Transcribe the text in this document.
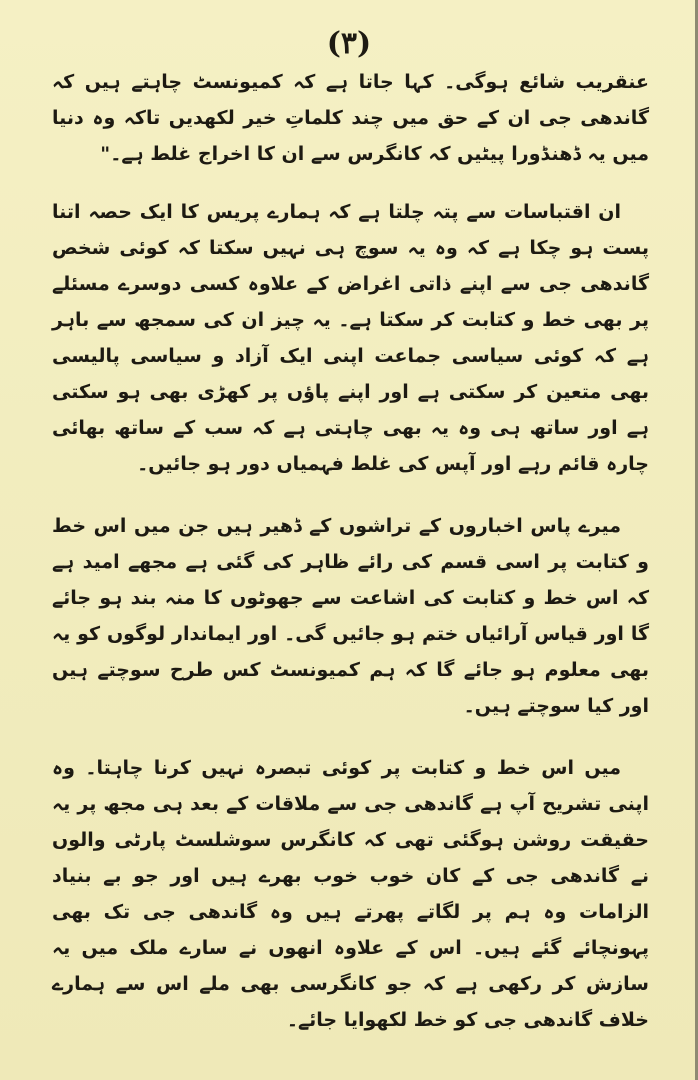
(۳)

عنقریب شائع ہوگی۔ کہا جاتا ہے کہ کمیونسٹ چاہتے ہیں کہ گاندھی جی ان کے حق میں چند کلماتِ خیر لکھدیں تاکہ وہ دنیا میں یہ ڈھنڈورا پیٹیں کہ کانگرس سے ان کا اخراج غلط ہے۔"

ان اقتباسات سے پتہ چلتا ہے کہ ہمارے پریس کا ایک حصہ اتنا پست ہو چکا ہے کہ وہ یہ سوچ ہی نہیں سکتا کہ کوئی شخص گاندھی جی سے اپنے ذاتی اغراض کے علاوہ کسی دوسرے مسئلے پر بھی خط و کتابت کر سکتا ہے۔ یہ چیز ان کی سمجھ سے باہر ہے کہ کوئی سیاسی جماعت اپنی ایک آزاد و سیاسی پالیسی بھی متعین کر سکتی ہے اور اپنے پاؤں پر کھڑی بھی ہو سکتی ہے اور ساتھ ہی وہ یہ بھی چاہتی ہے کہ سب کے ساتھ بھائی چارہ قائم رہے اور آپس کی غلط فہمیاں دور ہو جائیں۔

میرے پاس اخباروں کے تراشوں کے ڈھیر ہیں جن میں اس خط و کتابت پر اسی قسم کی رائے ظاہر کی گئی ہے مجھے امید ہے کہ اس خط و کتابت کی اشاعت سے جھوٹوں کا منہ بند ہو جائے گا اور قیاس آرائیاں ختم ہو جائیں گی۔ اور ایماندار لوگوں کو یہ بھی معلوم ہو جائے گا کہ ہم کمیونسٹ کس طرح سوچتے ہیں اور کیا سوچتے ہیں۔

میں اس خط و کتابت پر کوئی تبصرہ نہیں کرنا چاہتا۔ وہ اپنی تشریح آپ ہے گاندھی جی سے ملاقات کے بعد ہی مجھ پر یہ حقیقت روشن ہوگئی تھی کہ کانگرس سوشلسٹ پارٹی والوں نے گاندھی جی کے کان خوب خوب بھرے ہیں اور جو بے بنیاد الزامات وہ ہم پر لگاتے پھرتے ہیں وہ گاندھی جی تک بھی پہونچائے گئے ہیں۔ اس کے علاوہ انھوں نے سارے ملک میں یہ سازش کر رکھی ہے کہ جو کانگرسی بھی ملے اس سے ہمارے خلاف گاندھی جی کو خط لکھوایا جائے۔
